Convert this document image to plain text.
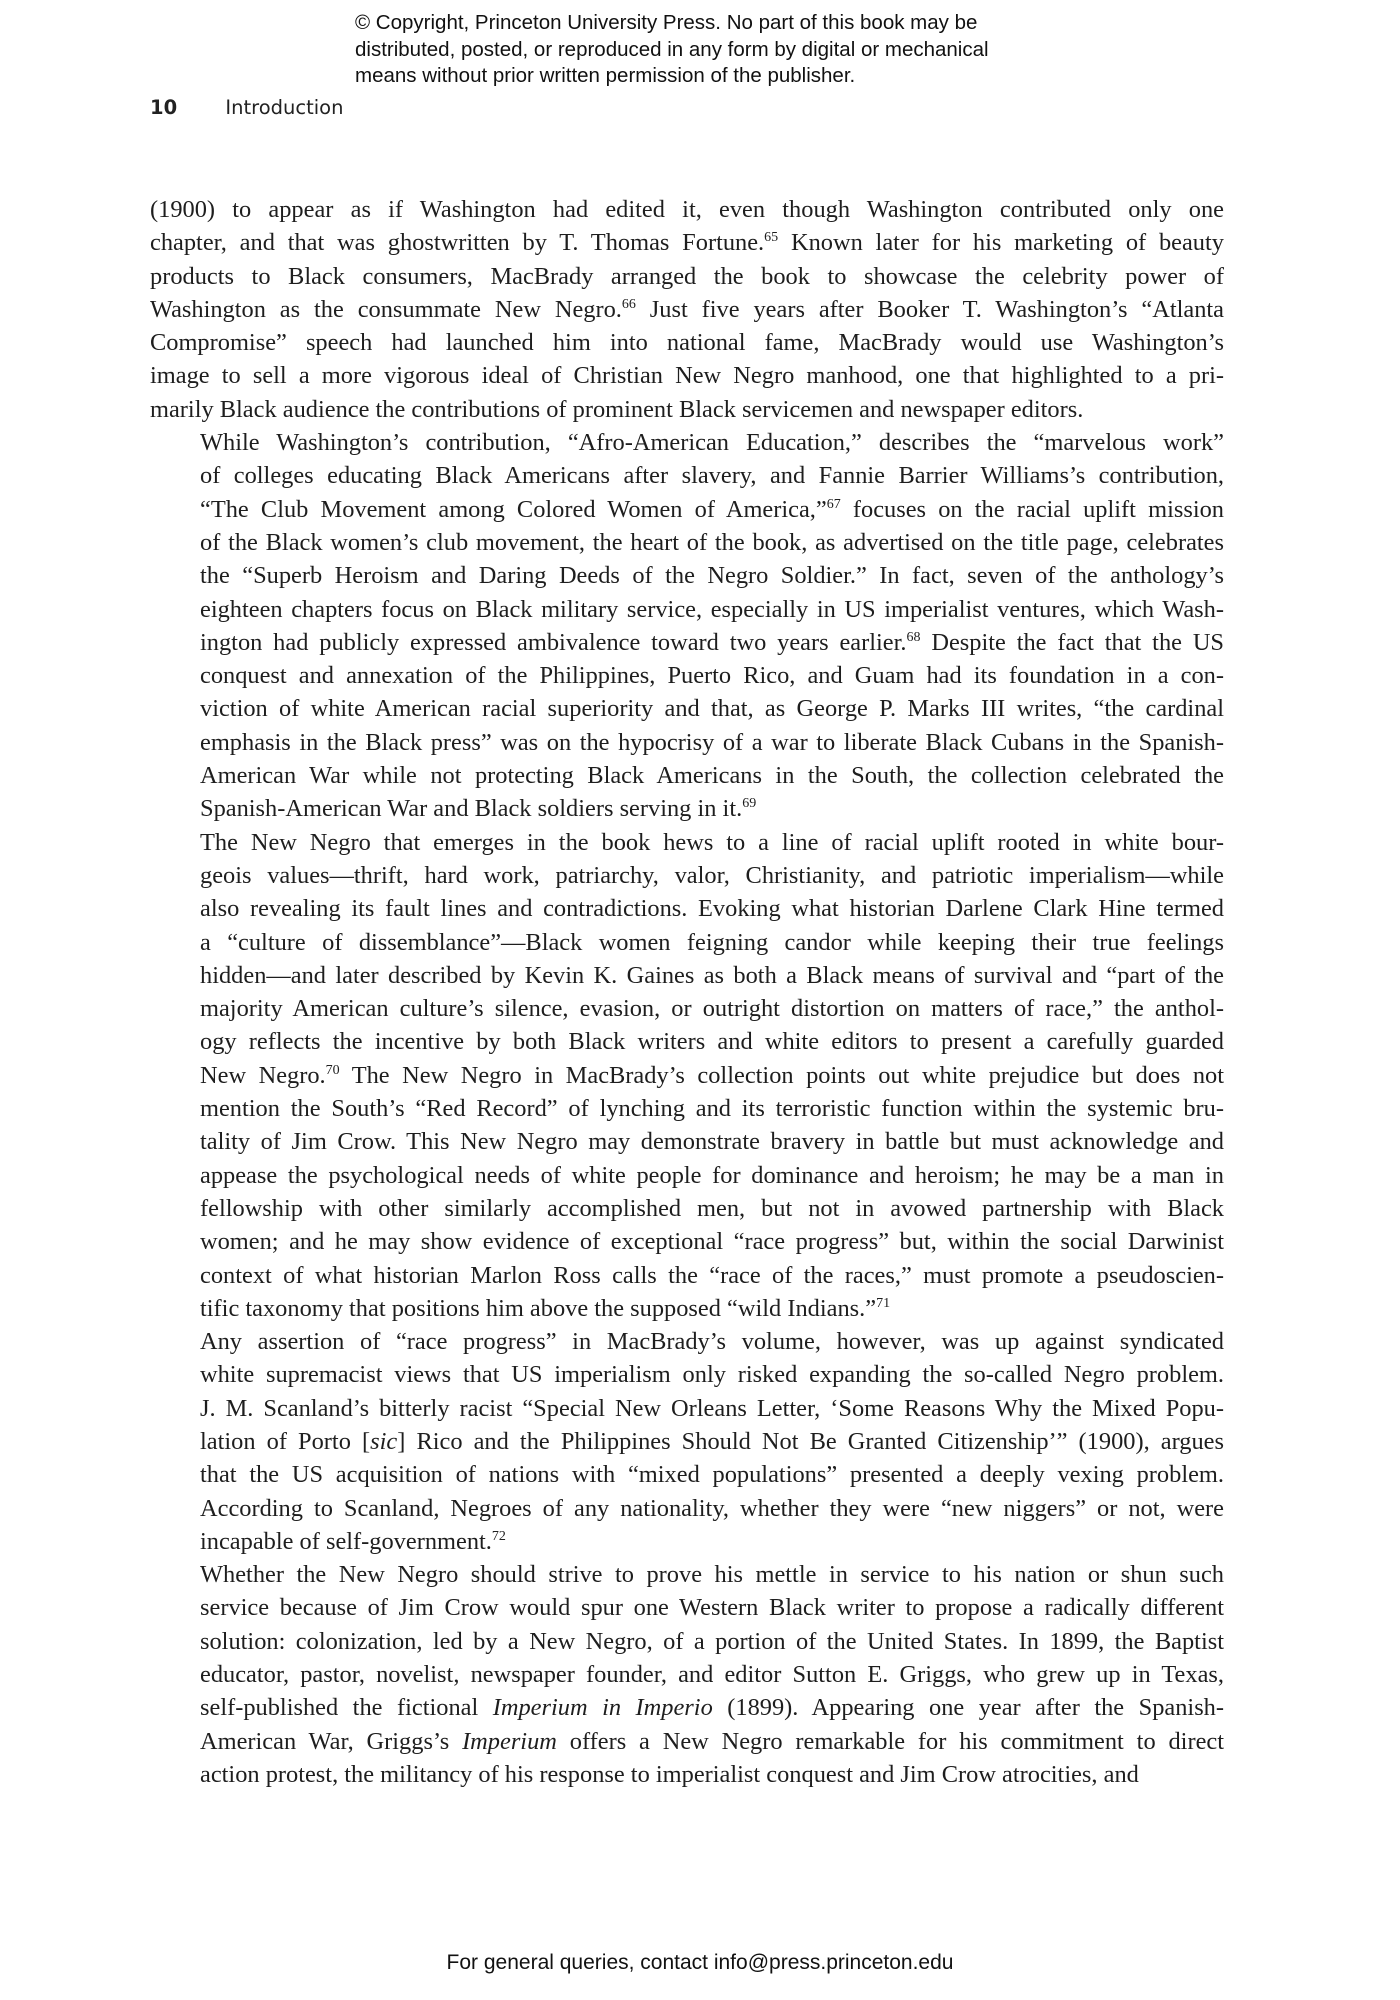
© Copyright, Princeton University Press. No part of this book may be
distributed, posted, or reproduced in any form by digital or mechanical
means without prior written permission of the publisher.
10 Introduction

(1900) to appear as if Washington had edited it, even though Washington contributed only one
chapter, and that was ghostwritten by T. Thomas Fortune.$^{65}$ Known later for his marketing of beauty
products to Black consumers, MacBrady arranged the book to showcase the celebrity power of
Washington as the consummate New Negro.$^{66}$ Just five years after Booker T. Washington’s “Atlanta
Compromise” speech had launched him into national fame, MacBrady would use Washington’s
image to sell a more vigorous ideal of Christian New Negro manhood, one that highlighted to a pri-
marily Black audience the contributions of prominent Black servicemen and newspaper editors.

While Washington’s contribution, “Afro-American Education,” describes the “marvelous work”
of colleges educating Black Americans after slavery, and Fannie Barrier Williams’s contribution,
“The Club Movement among Colored Women of America,”$^{67}$ focuses on the racial uplift mission
of the Black women’s club movement, the heart of the book, as advertised on the title page, celebrates
the “Superb Heroism and Daring Deeds of the Negro Soldier.” In fact, seven of the anthology’s
eighteen chapters focus on Black military service, especially in US imperialist ventures, which Wash-
ington had publicly expressed ambivalence toward two years earlier.$^{68}$ Despite the fact that the US
conquest and annexation of the Philippines, Puerto Rico, and Guam had its foundation in a con-
viction of white American racial superiority and that, as George P. Marks III writes, “the cardinal
emphasis in the Black press” was on the hypocrisy of a war to liberate Black Cubans in the Spanish-
American War while not protecting Black Americans in the South, the collection celebrated the
Spanish-American War and Black soldiers serving in it.$^{69}$

The New Negro that emerges in the book hews to a line of racial uplift rooted in white bour-
geois values—thrift, hard work, patriarchy, valor, Christianity, and patriotic imperialism—while
also revealing its fault lines and contradictions. Evoking what historian Darlene Clark Hine termed
a “culture of dissemblance”—Black women feigning candor while keeping their true feelings
hidden—and later described by Kevin K. Gaines as both a Black means of survival and “part of the
majority American culture’s silence, evasion, or outright distortion on matters of race,” the anthol-
ogy reflects the incentive by both Black writers and white editors to present a carefully guarded
New Negro.$^{70}$ The New Negro in MacBrady’s collection points out white prejudice but does not
mention the South’s “Red Record” of lynching and its terroristic function within the systemic bru-
tality of Jim Crow. This New Negro may demonstrate bravery in battle but must acknowledge and
appease the psychological needs of white people for dominance and heroism; he may be a man in
fellowship with other similarly accomplished men, but not in avowed partnership with Black
women; and he may show evidence of exceptional “race progress” but, within the social Darwinist
context of what historian Marlon Ross calls the “race of the races,” must promote a pseudoscien-
tific taxonomy that positions him above the supposed “wild Indians.”$^{71}$

Any assertion of “race progress” in MacBrady’s volume, however, was up against syndicated
white supremacist views that US imperialism only risked expanding the so-called Negro problem.
J. M. Scanland’s bitterly racist “Special New Orleans Letter, ‘Some Reasons Why the Mixed Popu-
lation of Porto [sic] Rico and the Philippines Should Not Be Granted Citizenship’” (1900), argues
that the US acquisition of nations with “mixed populations” presented a deeply vexing problem.
According to Scanland, Negroes of any nationality, whether they were “new niggers” or not, were
incapable of self-government.$^{72}$

Whether the New Negro should strive to prove his mettle in service to his nation or shun such
service because of Jim Crow would spur one Western Black writer to propose a radically different
solution: colonization, led by a New Negro, of a portion of the United States. In 1899, the Baptist
educator, pastor, novelist, newspaper founder, and editor Sutton E. Griggs, who grew up in Texas,
self-published the fictional Imperium in Imperio (1899). Appearing one year after the Spanish-
American War, Griggs’s Imperium offers a New Negro remarkable for his commitment to direct
action protest, the militancy of his response to imperialist conquest and Jim Crow atrocities, and

For general queries, contact info@press.princeton.edu
